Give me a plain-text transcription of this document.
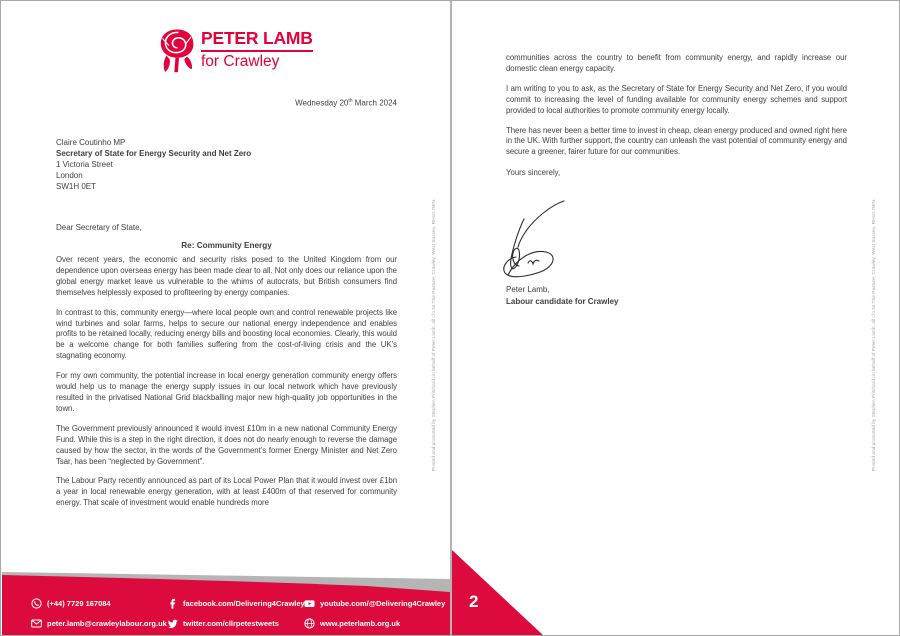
PETER LAMB
for Crawley
Wednesday 20th March 2024
Claire Coutinho MP
Secretary of State for Energy Security and Net Zero
1 Victoria Street
London
SW1H 0ET
Dear Secretary of State,
Re: Community Energy

Over recent years, the economic and security risks posed to the United Kingdom from our dependence upon overseas energy has been made clear to all. Not only does our reliance upon the global energy market leave us vulnerable to the whims of autocrats, but British consumers find themselves helplessly exposed to profiteering by energy companies.

In contrast to this, community energy—where local people own and control renewable projects like wind turbines and solar farms, helps to secure our national energy independence and enables profits to be retained locally, reducing energy bills and boosting local economies. Clearly, this would be a welcome change for both families suffering from the cost-of-living crisis and the UK’s stagnating economy.

For my own community, the potential increase in local energy generation community energy offers would help us to manage the energy supply issues in our local network which have previously resulted in the privatised National Grid blackballing major new high-quality job opportunities in the town.

The Government previously announced it would invest £10m in a new national Community Energy Fund. While this is a step in the right direction, it does not do nearly enough to reverse the damage caused by how the sector, in the words of the Government’s former Energy Minister and Net Zero Tsar, has been “neglected by Government”.

The Labour Party recently announced as part of its Local Power Plan that it would invest over £1bn a year in local renewable energy generation, with at least £400m of that reserved for community energy. That scale of investment would enable hundreds more

Printed and promoted by Stephen Pritchard on behalf of Peter Lamb, all c/o 34 The Pasture, Crawley, West Sussex, RH10 7WN.
(+44) 7729 167084
peter.lamb@crawleylabour.org.uk
facebook.com/Delivering4Crawley
twitter.com/cllrpetestweets
youtube.com/@Delivering4Crawley
www.peterlamb.org.uk

communities across the country to benefit from community energy, and rapidly increase our domestic clean energy capacity.

I am writing to you to ask, as the Secretary of State for Energy Security and Net Zero, if you would commit to increasing the level of funding available for community energy schemes and support provided to local authorities to promote community energy locally.

There has never been a better time to invest in cheap, clean energy produced and owned right here in the UK. With further support, the country can unleash the vast potential of community energy and secure a greener, fairer future for our communities.

Yours sincerely,
Peter Lamb,
Labour candidate for Crawley	Printed and promoted by Stephen Pritchard on behalf of Peter Lamb, all c/o 34 The Pasture, Crawley, West Sussex, RH10 7WN.
2
